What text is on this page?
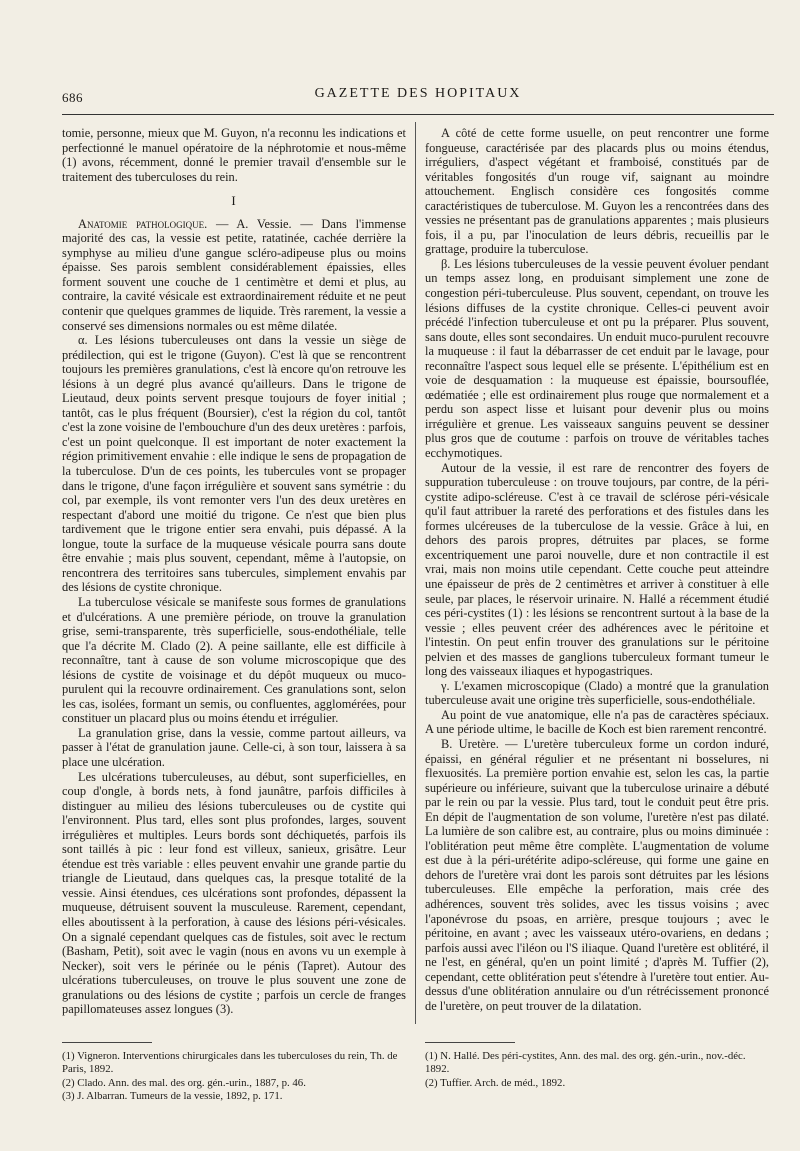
686	GAZETTE DES HOPITAUX

tomie, personne, mieux que M. Guyon, n'a reconnu les indications et perfectionné le manuel opératoire de la néphrotomie et nous-même (1) avons, récemment, donné le premier travail d'ensemble sur le traitement des tuberculoses du rein.

I

Anatomie pathologique. — A. Vessie. — Dans l'immense majorité des cas, la vessie est petite, ratatinée, cachée derrière la symphyse au milieu d'une gangue scléro-adipeuse plus ou moins épaisse. Ses parois semblent considérablement épaissies, elles forment souvent une couche de 1 centimètre et demi et plus, au contraire, la cavité vésicale est extraordinairement réduite et ne peut contenir que quelques grammes de liquide. Très rarement, la vessie a conservé ses dimensions normales ou est même dilatée.

α. Les lésions tuberculeuses ont dans la vessie un siège de prédilection, qui est le trigone (Guyon). C'est là que se rencontrent toujours les premières granulations, c'est là encore qu'on retrouve les lésions à un degré plus avancé qu'ailleurs. Dans le trigone de Lieutaud, deux points servent presque toujours de foyer initial ; tantôt, cas le plus fréquent (Boursier), c'est la région du col, tantôt c'est la zone voisine de l'embouchure d'un des deux uretères : parfois, c'est un point quelconque. Il est important de noter exactement la région primitivement envahie : elle indique le sens de propagation de la tuberculose. D'un de ces points, les tubercules vont se propager dans le trigone, d'une façon irrégulière et souvent sans symétrie : du col, par exemple, ils vont remonter vers l'un des deux uretères en respectant d'abord une moitié du trigone. Ce n'est que bien plus tardivement que le trigone entier sera envahi, puis dépassé. A la longue, toute la surface de la muqueuse vésicale pourra sans doute être envahie ; mais plus souvent, cependant, même à l'autopsie, on rencontrera des territoires sans tubercules, simplement envahis par des lésions de cystite chronique.

La tuberculose vésicale se manifeste sous formes de granulations et d'ulcérations. A une première période, on trouve la granulation grise, semi-transparente, très superficielle, sous-endothéliale, telle que l'a décrite M. Clado (2). A peine saillante, elle est difficile à reconnaître, tant à cause de son volume microscopique que des lésions de cystite de voisinage et du dépôt muqueux ou muco-purulent qui la recouvre ordinairement. Ces granulations sont, selon les cas, isolées, formant un semis, ou confluentes, agglomérées, pour constituer un placard plus ou moins étendu et irrégulier.

La granulation grise, dans la vessie, comme partout ailleurs, va passer à l'état de granulation jaune. Celle-ci, à son tour, laissera à sa place une ulcération.

Les ulcérations tuberculeuses, au début, sont superficielles, en coup d'ongle, à bords nets, à fond jaunâtre, parfois difficiles à distinguer au milieu des lésions tuberculeuses ou de cystite qui l'environnent. Plus tard, elles sont plus profondes, larges, souvent irrégulières et multiples. Leurs bords sont déchiquetés, parfois ils sont taillés à pic : leur fond est villeux, sanieux, grisâtre. Leur étendue est très variable : elles peuvent envahir une grande partie du triangle de Lieutaud, dans quelques cas, la presque totalité de la vessie. Ainsi étendues, ces ulcérations sont profondes, dépassent la muqueuse, détruisent souvent la musculeuse. Rarement, cependant, elles aboutissent à la perforation, à cause des lésions péri-vésicales. On a signalé cependant quelques cas de fistules, soit avec le rectum (Basham, Petit), soit avec le vagin (nous en avons vu un exemple à Necker), soit vers le périnée ou le pénis (Tapret). Autour des ulcérations tuberculeuses, on trouve le plus souvent une zone de granulations ou des lésions de cystite ; parfois un cercle de franges papillomateuses assez longues (3).

A côté de cette forme usuelle, on peut rencontrer une forme fongueuse, caractérisée par des placards plus ou moins étendus, irréguliers, d'aspect végétant et framboisé, constitués par de véritables fongosités d'un rouge vif, saignant au moindre attouchement. Englisch considère ces fongosités comme caractéristiques de tuberculose. M. Guyon les a rencontrées dans des vessies ne présentant pas de granulations apparentes ; mais plusieurs fois, il a pu, par l'inoculation de leurs débris, recueillis par le grattage, produire la tuberculose.

β. Les lésions tuberculeuses de la vessie peuvent évoluer pendant un temps assez long, en produisant simplement une zone de congestion péri-tuberculeuse. Plus souvent, cependant, on trouve les lésions diffuses de la cystite chronique. Celles-ci peuvent avoir précédé l'infection tuberculeuse et ont pu la préparer. Plus souvent, sans doute, elles sont secondaires. Un enduit muco-purulent recouvre la muqueuse : il faut la débarrasser de cet enduit par le lavage, pour reconnaître l'aspect sous lequel elle se présente. L'épithélium est en voie de desquamation : la muqueuse est épaissie, boursouflée, œdématiée ; elle est ordinairement plus rouge que normalement et a perdu son aspect lisse et luisant pour devenir plus ou moins irrégulière et grenue. Les vaisseaux sanguins peuvent se dessiner plus gros que de coutume : parfois on trouve de véritables taches ecchymotiques.

Autour de la vessie, il est rare de rencontrer des foyers de suppuration tuberculeuse : on trouve toujours, par contre, de la péri-cystite adipo-scléreuse. C'est à ce travail de sclérose péri-vésicale qu'il faut attribuer la rareté des perforations et des fistules dans les formes ulcéreuses de la tuberculose de la vessie. Grâce à lui, en dehors des parois propres, détruites par places, se forme excentriquement une paroi nouvelle, dure et non contractile il est vrai, mais non moins utile cependant. Cette couche peut atteindre une épaisseur de près de 2 centimètres et arriver à constituer à elle seule, par places, le réservoir urinaire. N. Hallé a récemment étudié ces péri-cystites (1) : les lésions se rencontrent surtout à la base de la vessie ; elles peuvent créer des adhérences avec le péritoine et l'intestin. On peut enfin trouver des granulations sur le péritoine pelvien et des masses de ganglions tuberculeux formant tumeur le long des vaisseaux iliaques et hypogastriques.

γ. L'examen microscopique (Clado) a montré que la granulation tuberculeuse avait une origine très superficielle, sous-endothéliale.

Au point de vue anatomique, elle n'a pas de caractères spéciaux. A une période ultime, le bacille de Koch est bien rarement rencontré.

B. Uretère. — L'uretère tuberculeux forme un cordon induré, épaissi, en général régulier et ne présentant ni bosselures, ni flexuosités. La première portion envahie est, selon les cas, la partie supérieure ou inférieure, suivant que la tuberculose urinaire a débuté par le rein ou par la vessie. Plus tard, tout le conduit peut être pris. En dépit de l'augmentation de son volume, l'uretère n'est pas dilaté. La lumière de son calibre est, au contraire, plus ou moins diminuée : l'oblitération peut même être complète. L'augmentation de volume est due à la péri-urétérite adipo-scléreuse, qui forme une gaine en dehors de l'uretère vrai dont les parois sont détruites par les lésions tuberculeuses. Elle empêche la perforation, mais crée des adhérences, souvent très solides, avec les tissus voisins ; avec l'aponévrose du psoas, en arrière, presque toujours ; avec le péritoine, en avant ; avec les vaisseaux utéro-ovariens, en dedans ; parfois aussi avec l'iléon ou l'S iliaque. Quand l'uretère est oblitéré, il ne l'est, en général, qu'en un point limité ; d'après M. Tuffier (2), cependant, cette oblitération peut s'étendre à l'uretère tout entier. Au-dessus d'une oblitération annulaire ou d'un rétrécissement prononcé de l'uretère, on peut trouver de la dilatation.

(1) Vigneron. Interventions chirurgicales dans les tuberculoses du rein, Th. de Paris, 1892.
(2) Clado. Ann. des mal. des org. gén.-urin., 1887, p. 46.
(3) J. Albarran. Tumeurs de la vessie, 1892, p. 171.
(1) N. Hallé. Des péri-cystites, Ann. des mal. des org. gén.-urin., nov.-déc. 1892.
(2) Tuffier. Arch. de méd., 1892.
